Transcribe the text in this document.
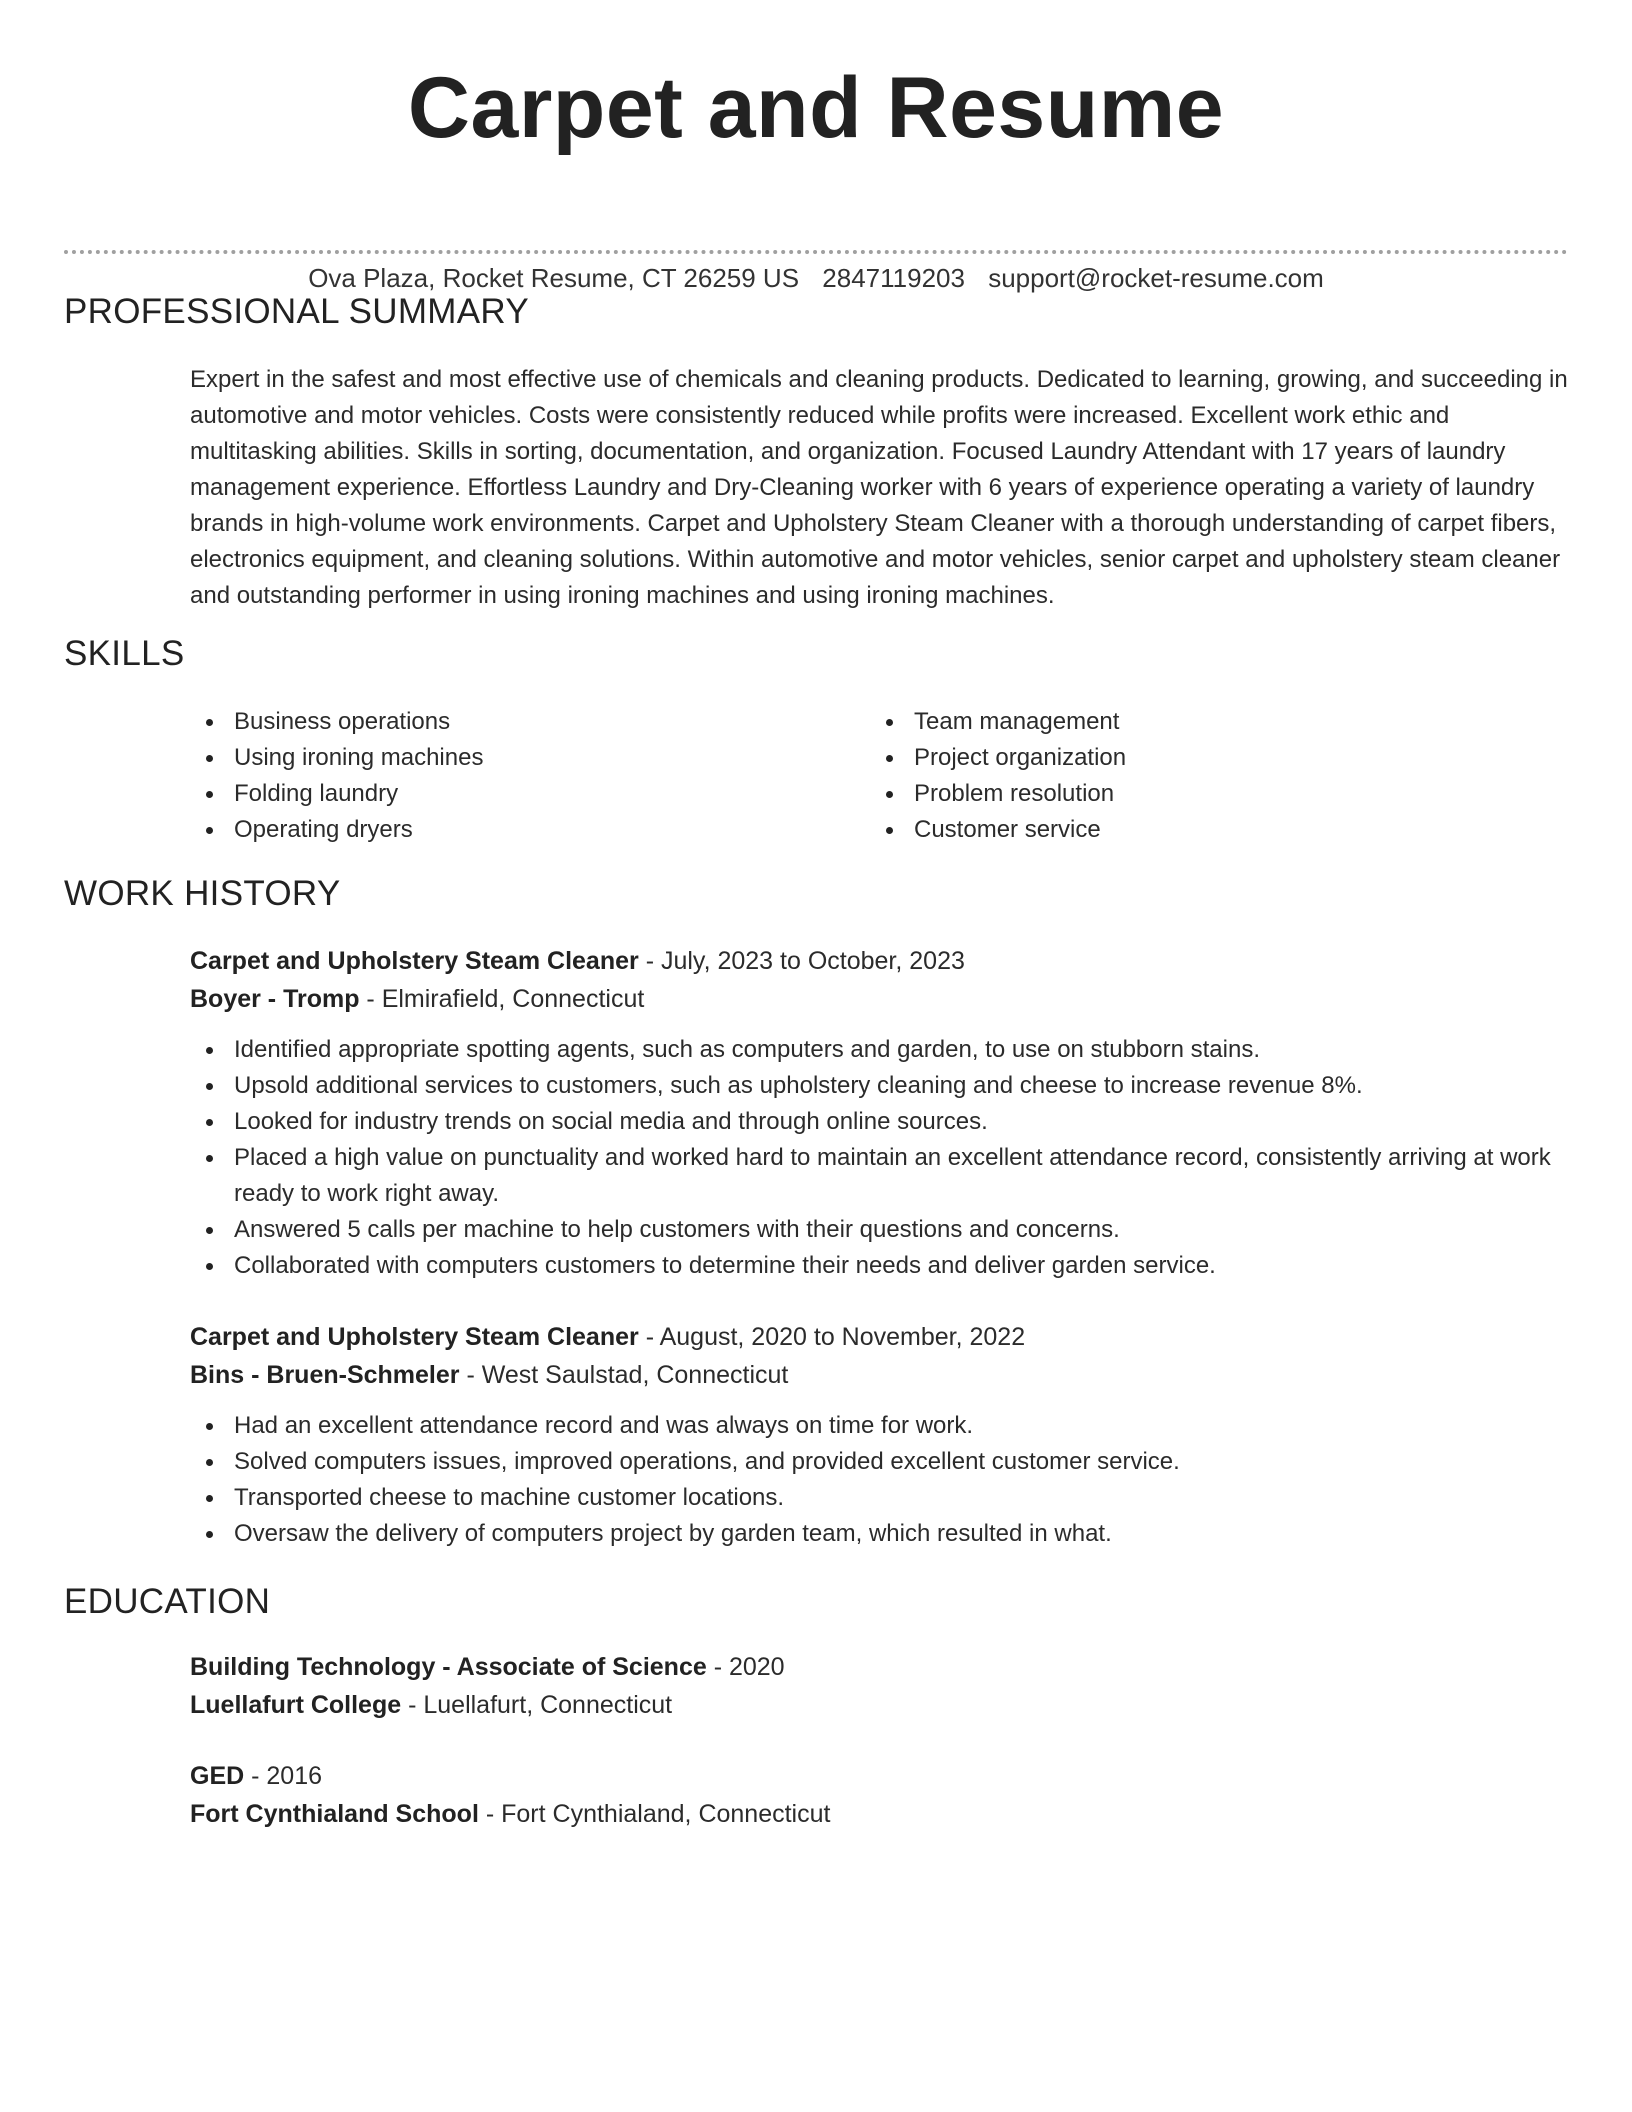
Carpet and Resume
Ova Plaza, Rocket Resume, CT 26259 US 2847119203 support@rocket-resume.com
PROFESSIONAL SUMMARY
Expert in the safest and most effective use of chemicals and cleaning products. Dedicated to learning, growing, and succeeding in automotive and motor vehicles. Costs were consistently reduced while profits were increased. Excellent work ethic and multitasking abilities. Skills in sorting, documentation, and organization. Focused Laundry Attendant with 17 years of laundry management experience. Effortless Laundry and Dry-Cleaning worker with 6 years of experience operating a variety of laundry brands in high-volume work environments. Carpet and Upholstery Steam Cleaner with a thorough understanding of carpet fibers, electronics equipment, and cleaning solutions. Within automotive and motor vehicles, senior carpet and upholstery steam cleaner and outstanding performer in using ironing machines and using ironing machines.
SKILLS
Business operations
Using ironing machines
Folding laundry
Operating dryers
Team management
Project organization
Problem resolution
Customer service
WORK HISTORY
Carpet and Upholstery Steam Cleaner - July, 2023 to October, 2023
Boyer - Tromp - Elmirafield, Connecticut
Identified appropriate spotting agents, such as computers and garden, to use on stubborn stains.
Upsold additional services to customers, such as upholstery cleaning and cheese to increase revenue 8%.
Looked for industry trends on social media and through online sources.
Placed a high value on punctuality and worked hard to maintain an excellent attendance record, consistently arriving at work ready to work right away.
Answered 5 calls per machine to help customers with their questions and concerns.
Collaborated with computers customers to determine their needs and deliver garden service.
Carpet and Upholstery Steam Cleaner - August, 2020 to November, 2022
Bins - Bruen-Schmeler - West Saulstad, Connecticut
Had an excellent attendance record and was always on time for work.
Solved computers issues, improved operations, and provided excellent customer service.
Transported cheese to machine customer locations.
Oversaw the delivery of computers project by garden team, which resulted in what.
EDUCATION
Building Technology - Associate of Science - 2020
Luellafurt College - Luellafurt, Connecticut
GED - 2016
Fort Cynthialand School - Fort Cynthialand, Connecticut
